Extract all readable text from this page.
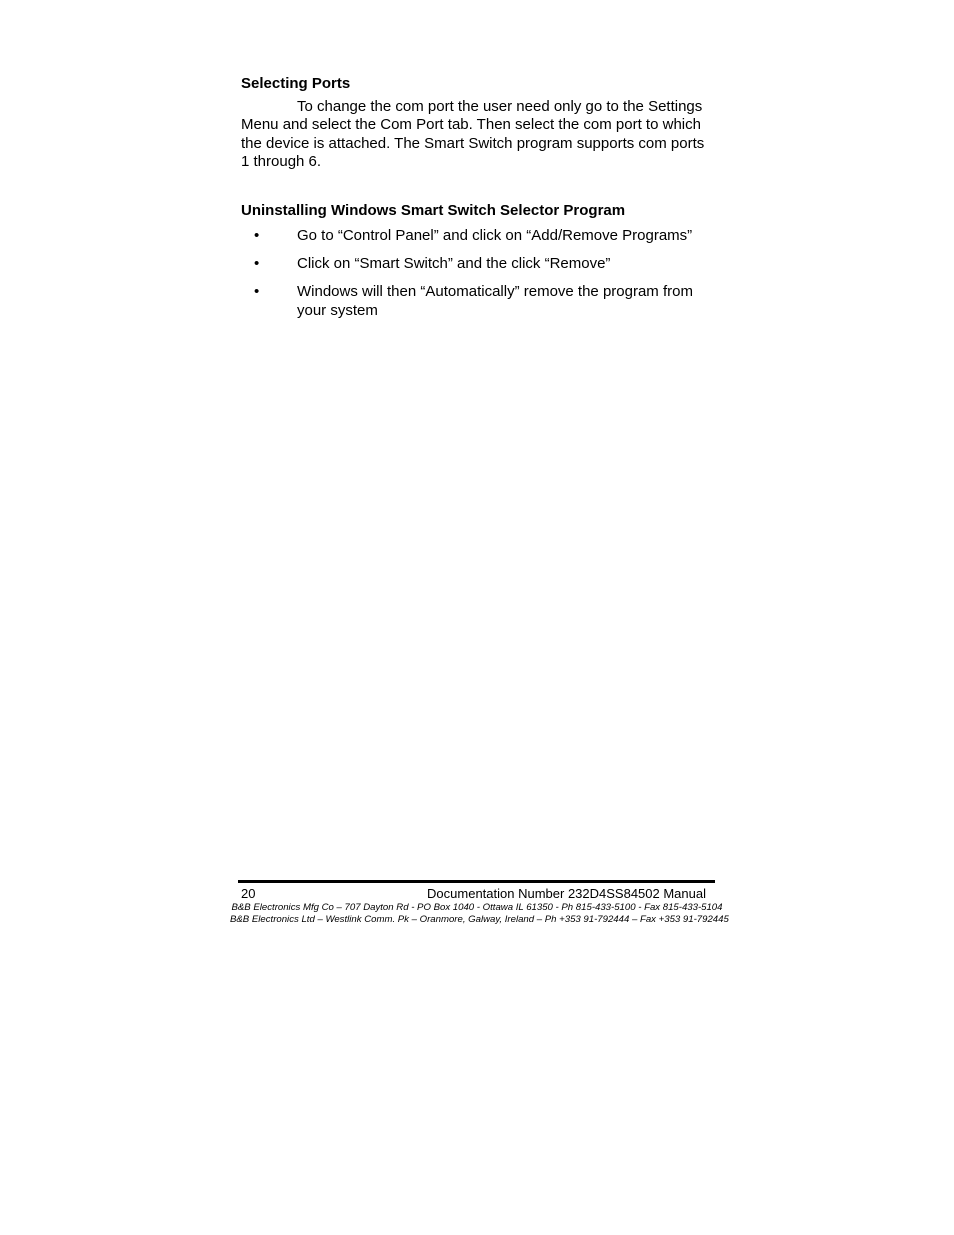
Selecting Ports

To change the com port the user need only go to the Settings Menu and select the Com Port tab. Then select the com port to which the device is attached. The Smart Switch program supports com ports 1 through 6.

Uninstalling Windows Smart Switch Selector Program
•	Go to “Control Panel” and click on “Add/Remove Programs”
•	Click on “Smart Switch” and the click “Remove”
•	Windows will then “Automatically” remove the program from your system
20	Documentation Number 232D4SS84502 Manual
B&B Electronics Mfg Co – 707 Dayton Rd - PO Box 1040 - Ottawa IL 61350 - Ph 815-433-5100 - Fax 815-433-5104
B&B Electronics Ltd – Westlink Comm. Pk – Oranmore, Galway, Ireland – Ph +353 91-792444 – Fax +353 91-792445
